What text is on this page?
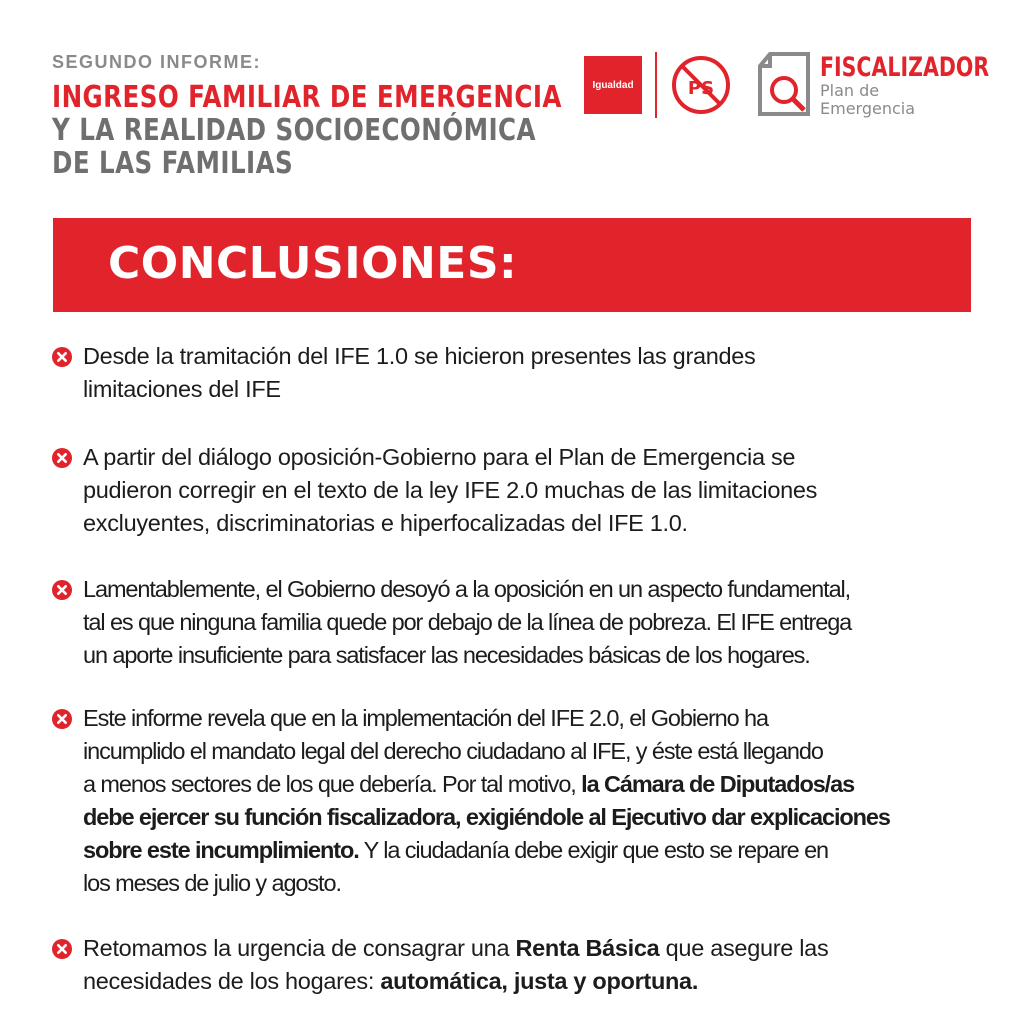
SEGUNDO INFORME:
INGRESO FAMILIAR DE EMERGENCIA
Y LA REALIDAD SOCIOECONÓMICA
DE LAS FAMILIAS
Igualdad	PS
FISCALIZADOR
Plan de
Emergencia
CONCLUSIONES:
Desde la tramitación del IFE 1.0 se hicieron presentes las grandes
limitaciones del IFE
A partir del diálogo oposición-Gobierno para el Plan de Emergencia se
pudieron corregir en el texto de la ley IFE 2.0 muchas de las limitaciones
excluyentes, discriminatorias e hiperfocalizadas del IFE 1.0.
Lamentablemente, el Gobierno desoyó a la oposición en un aspecto fundamental,
tal es que ninguna familia quede por debajo de la línea de pobreza. El IFE entrega
un aporte insuficiente para satisfacer las necesidades básicas de los hogares.
Este informe revela que en la implementación del IFE 2.0, el Gobierno ha
incumplido el mandato legal del derecho ciudadano al IFE, y éste está llegando
a menos sectores de los que debería. Por tal motivo, la Cámara de Diputados/as
debe ejercer su función fiscalizadora, exigiéndole al Ejecutivo dar explicaciones
sobre este incumplimiento. Y la ciudadanía debe exigir que esto se repare en
los meses de julio y agosto.
Retomamos la urgencia de consagrar una Renta Básica que asegure las
necesidades de los hogares: automática, justa y oportuna.
